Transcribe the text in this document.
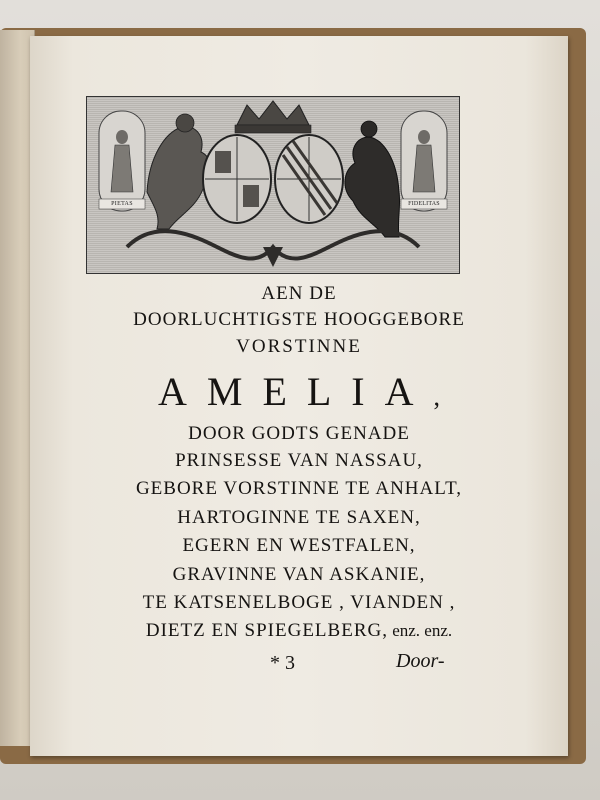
PIETAS	FIDELITAS
AEN DE
DOORLUCHTIGSTE HOOGGEBORE
VORSTINNE
AMELIA,
DOOR GODTS GENADE
PRINSESSE VAN NASSAU,
GEBORE VORSTINNE TE ANHALT,
HARTOGINNE TE SAXEN,
EGERN EN WESTFALEN,
GRAVINNE VAN ASKANIE,
TE KATSENELBOGE , VIANDEN ,
DIETZ EN SPIEGELBERG, enz. enz.
* 3	Door-
